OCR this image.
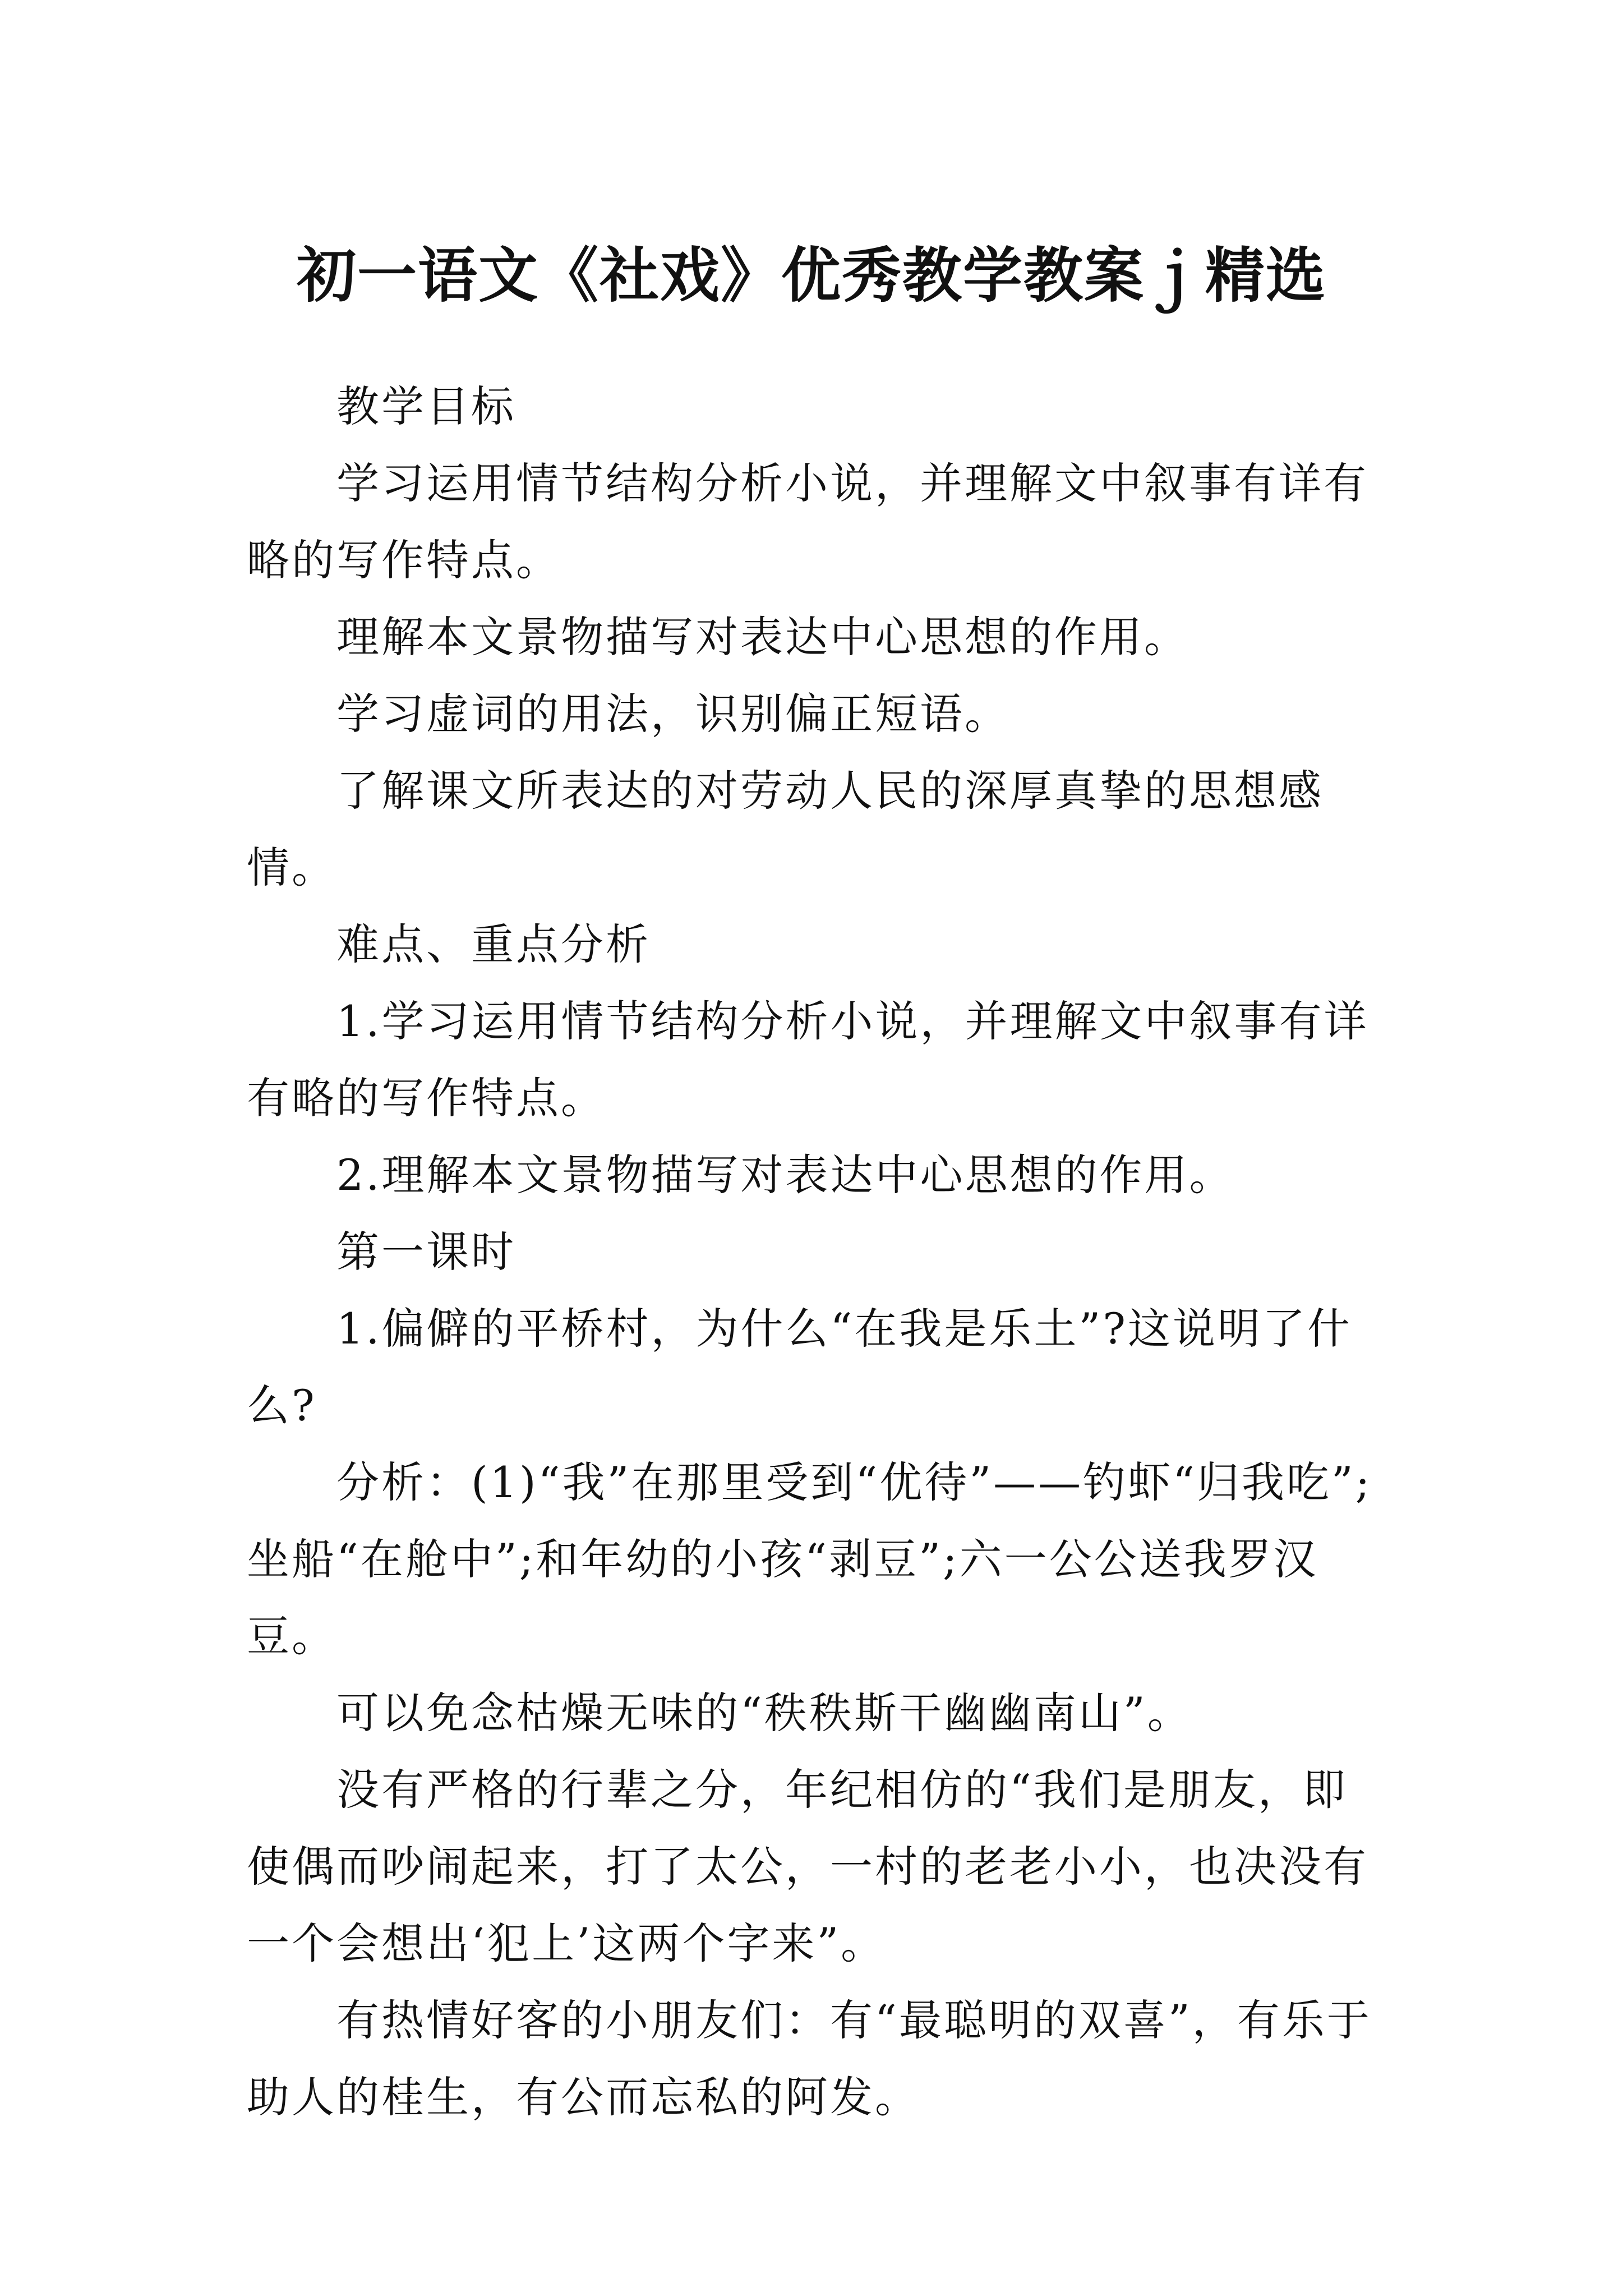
初一语文《社戏》优秀教学教案ｊ精选

教学目标

学习运用情节结构分析小说，并理解文中叙事有详有略的写作特点。

理解本文景物描写对表达中心思想的作用。

学习虚词的用法，识别偏正短语。

了解课文所表达的对劳动人民的深厚真挚的思想感情。

难点、重点分析

1.学习运用情节结构分析小说，并理解文中叙事有详有略的写作特点。

2.理解本文景物描写对表达中心思想的作用。

第一课时

1.偏僻的平桥村，为什么“在我是乐土”?这说明了什么?

分析：(1)“我”在那里受到“优待”——钓虾“归我吃”;坐船“在舱中”;和年幼的小孩“剥豆”;六一公公送我罗汉豆。

可以免念枯燥无味的“秩秩斯干幽幽南山”。

没有严格的行辈之分，年纪相仿的“我们是朋友，即使偶而吵闹起来，打了太公，一村的老老小小，也决没有一个会想出‘犯上’这两个字来”。

有热情好客的小朋友们：有“最聪明的双喜”，有乐于助人的桂生，有公而忘私的阿发。
